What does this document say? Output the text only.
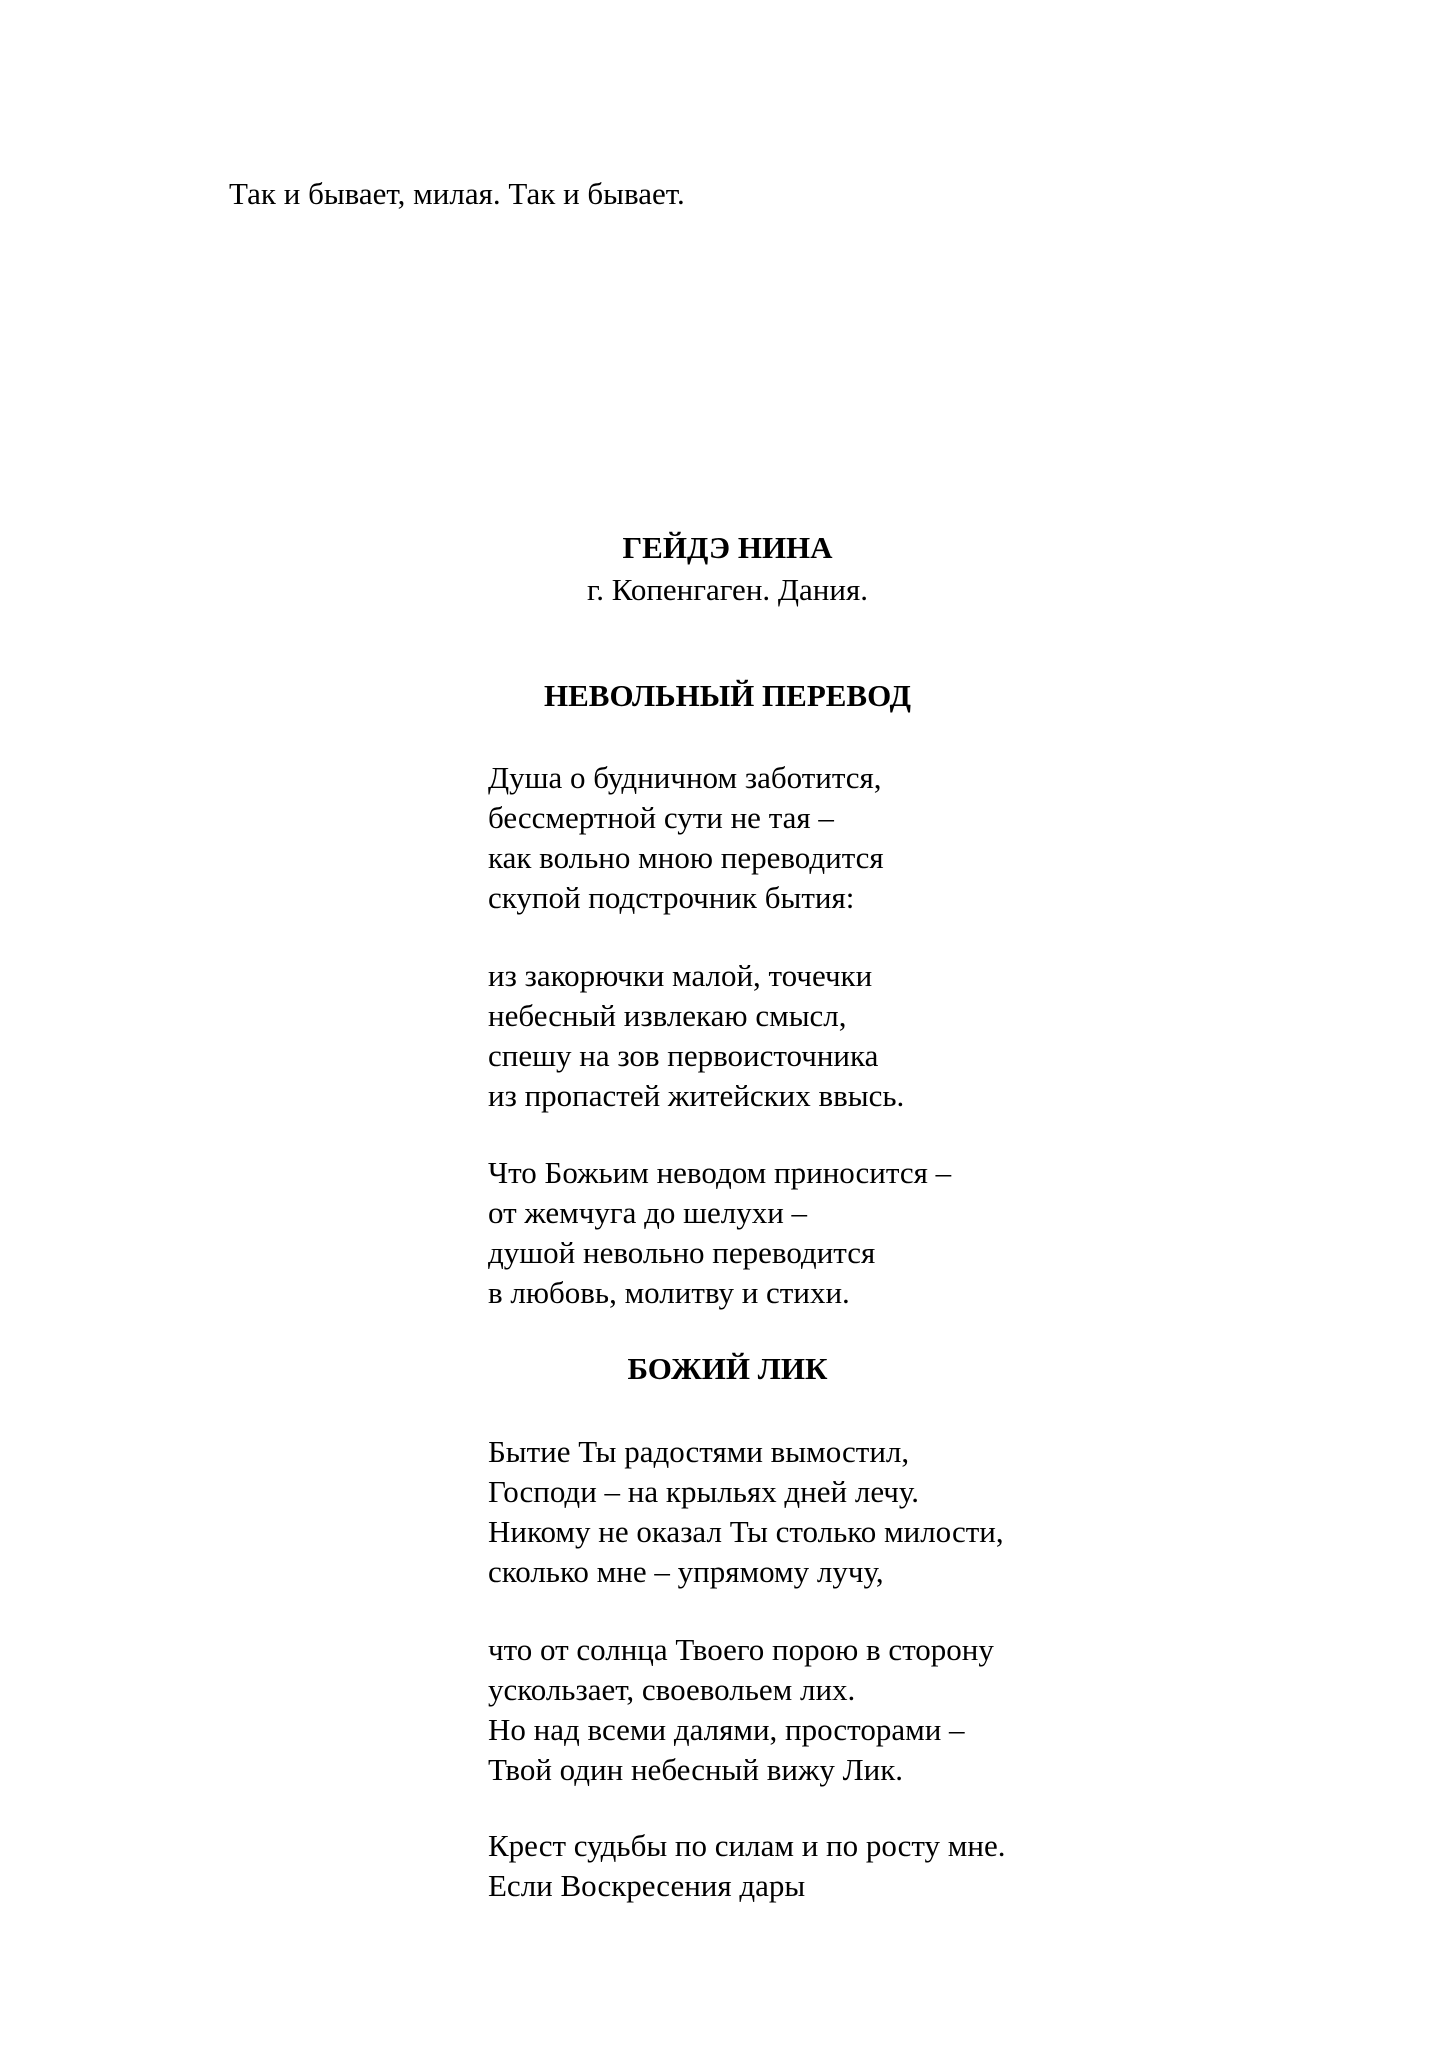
Так и бывает, милая. Так и бывает.
ГЕЙДЭ НИНА
г. Копенгаген. Дания.
НЕВОЛЬНЫЙ ПЕРЕВОД
Душа о будничном заботится,
бессмертной сути не тая –
как вольно мною переводится
скупой подстрочник бытия:
из закорючки малой, точечки
небесный извлекаю смысл,
спешу на зов первоисточника
из пропастей житейских ввысь.
Что Божьим неводом приносится –
от жемчуга до шелухи –
душой невольно переводится
в любовь, молитву и стихи.
БОЖИЙ ЛИК
Бытие Ты радостями вымостил,
Господи – на крыльях дней лечу.
Никому не оказал Ты столько милости,
сколько мне – упрямому лучу,
что от солнца Твоего порою в сторону
ускользает, своевольем лих.
Но над всеми далями, просторами –
Твой один небесный вижу Лик.
Крест судьбы по силам и по росту мне.
Если Воскресения дары
